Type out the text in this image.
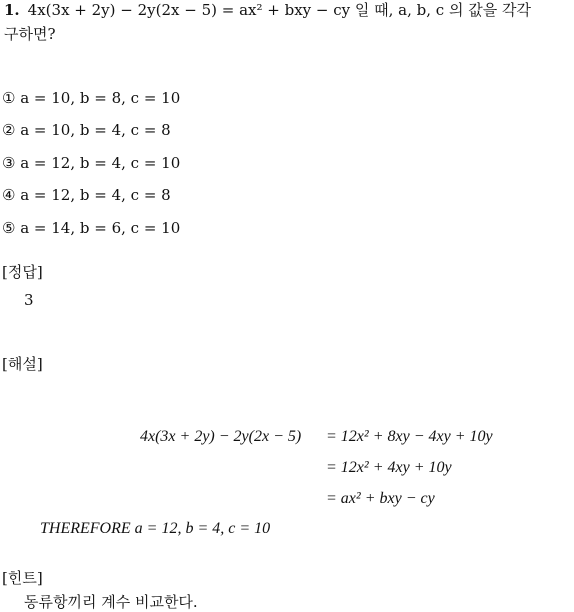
1. 4x(3x + 2y) − 2y(2x − 5) = ax² + bxy − cy 일 때, a, b, c 의 값을 각각
구하면?
① a = 10, b = 8, c = 10
② a = 10, b = 4, c = 8
③ a = 12, b = 4, c = 10
④ a = 12, b = 4, c = 8
⑤ a = 14, b = 6, c = 10
[정답]
3
[해설]
4x(3x + 2y) − 2y(2x − 5) = 12x² + 8xy − 4xy + 10y
= 12x² + 4xy + 10y
= ax² + bxy − cy
THEREFORE a = 12, b = 4, c = 10
[힌트]
동류항끼리 계수 비교한다.
